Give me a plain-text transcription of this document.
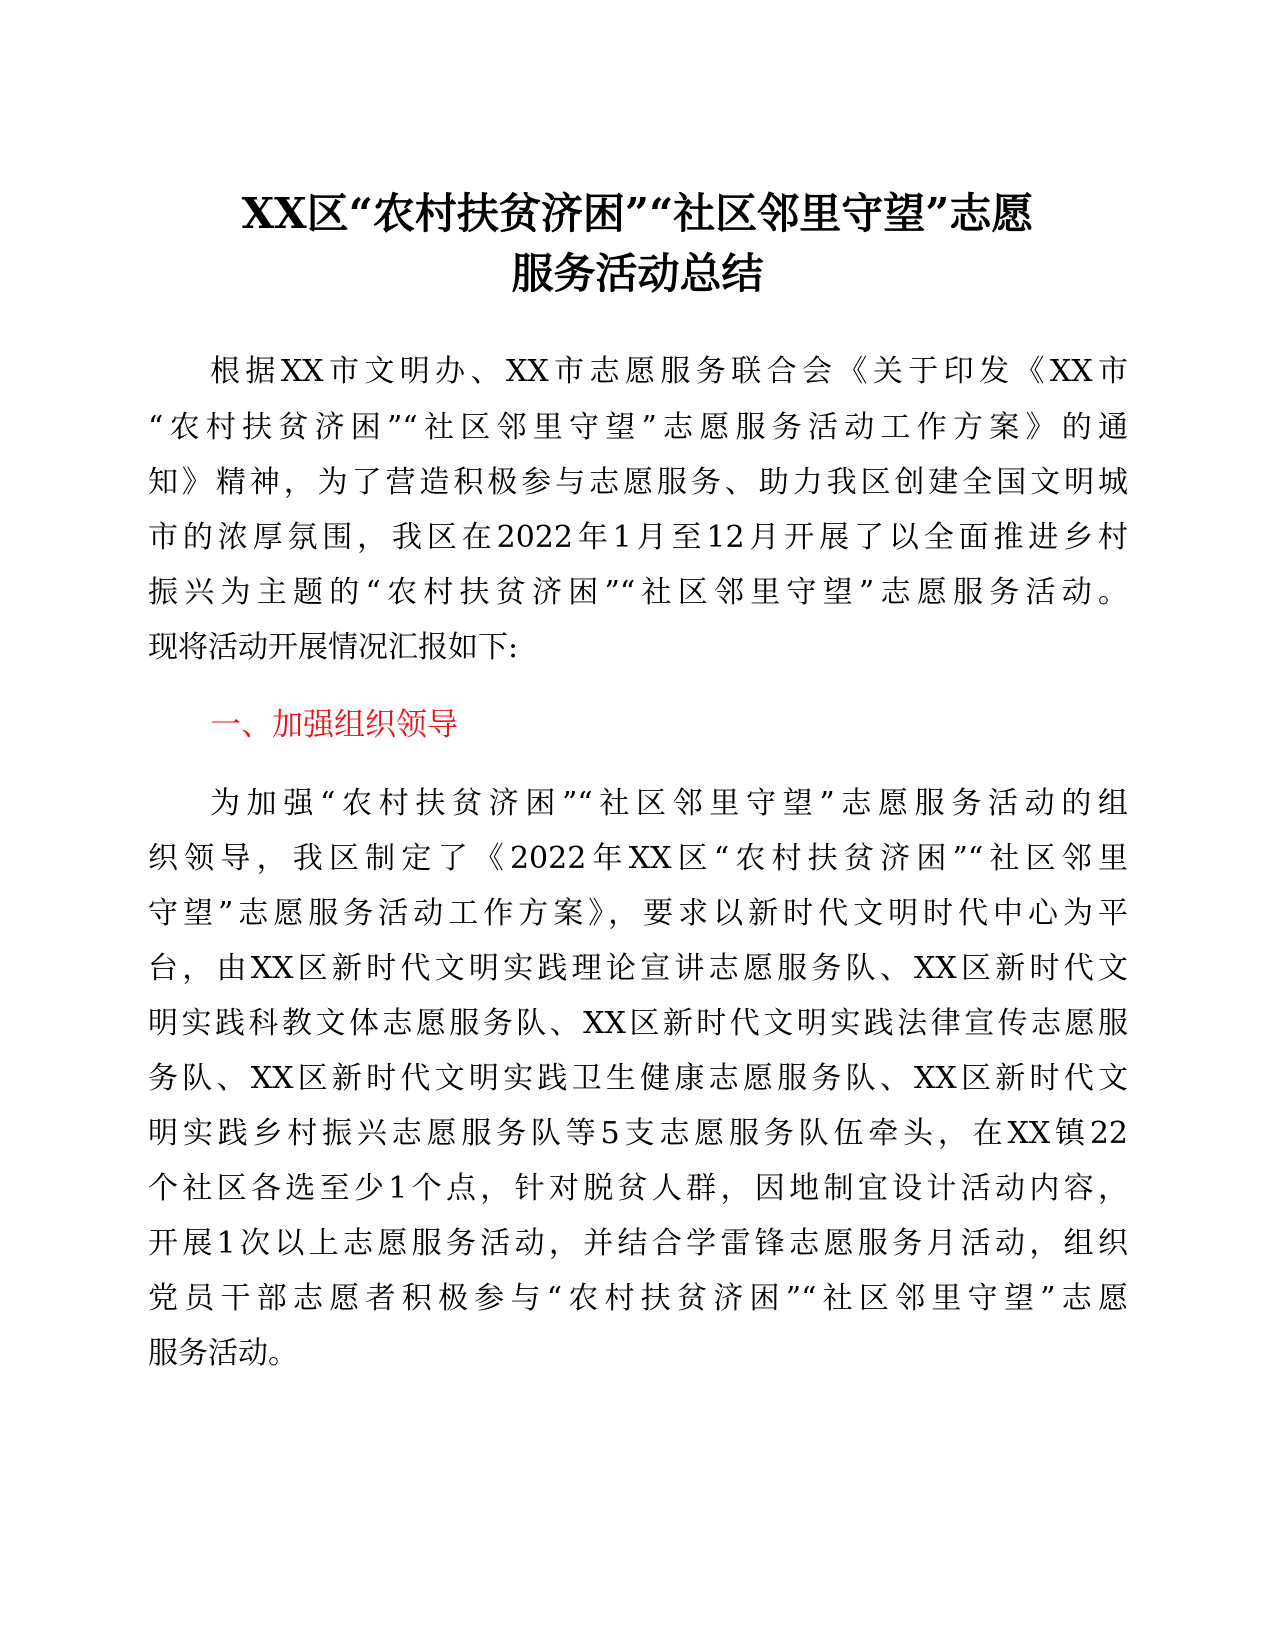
XX区“农村扶贫济困”“社区邻里守望”志愿
服务活动总结
根据XX市文明办、XX市志愿服务联合会《关于印发《XX市
“农村扶贫济困”“社区邻里守望”志愿服务活动工作方案》的通
知》精神，为了营造积极参与志愿服务、助力我区创建全国文明城
市的浓厚氛围，我区在2022年1月至12月开展了以全面推进乡村
振兴为主题的“农村扶贫济困”“社区邻里守望”志愿服务活动。
现将活动开展情况汇报如下:
一、加强组织领导
为加强“农村扶贫济困”“社区邻里守望”志愿服务活动的组
织领导，我区制定了《2022年XX区“农村扶贫济困”“社区邻里
守望”志愿服务活动工作方案》，要求以新时代文明时代中心为平
台，由XX区新时代文明实践理论宣讲志愿服务队、XX区新时代文
明实践科教文体志愿服务队、XX区新时代文明实践法律宣传志愿服
务队、XX区新时代文明实践卫生健康志愿服务队、XX区新时代文
明实践乡村振兴志愿服务队等5支志愿服务队伍牵头，在XX镇22
个社区各选至少1个点，针对脱贫人群，因地制宜设计活动内容，
开展1次以上志愿服务活动，并结合学雷锋志愿服务月活动，组织
党员干部志愿者积极参与“农村扶贫济困”“社区邻里守望”志愿
服务活动。
